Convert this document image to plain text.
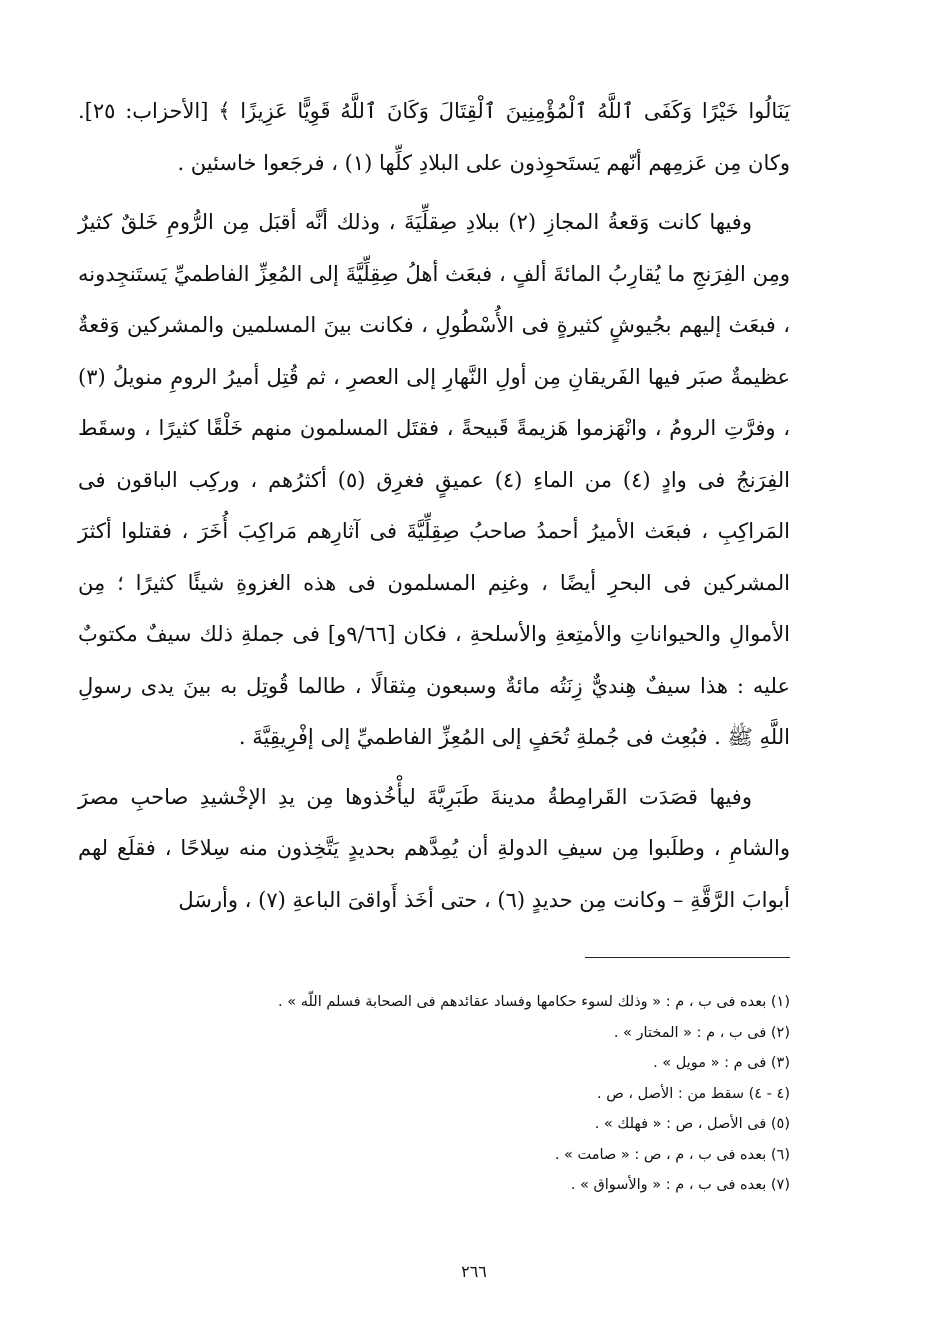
يَنَالُوا خَيْرًا وَكَفَى ٱللَّهُ ٱلْمُؤْمِنِينَ ٱلْقِتَالَ وَكَانَ ٱللَّهُ قَوِيًّا عَزِيزًا ﴾ [الأحزاب: ٢٥]. وكان مِن عَزمِهم أنّهم يَستَحوِذون على البلادِ كلِّها (١) ، فرجَعوا خاسئين .

وفيها كانت وَقعةُ المجازِ (٢) ببلادِ صِقلِّيَةَ ، وذلك أنَّه أقبَل مِن الرُّومِ خَلقٌ كثيرٌ ومِن الفِرَنجِ ما يُقارِبُ المائةَ ألفٍ ، فبعَث أهلُ صِقِلِّيَّةَ إلى المُعِزِّ الفاطميِّ يَستَنجِدونه ، فبعَث إليهم بجُيوشٍ كثيرةٍ فى الأُسْطُولِ ، فكانت بينَ المسلمين والمشركين وَقعةٌ عظيمةٌ صبَر فيها الفَريقانِ مِن أولِ النَّهارِ إلى العصرِ ، ثم قُتِل أميرُ الرومِ منويلُ (٣) ، وفرَّتِ الرومُ ، وانْهَزموا هَزيمةً قَبيحةً ، فقتَل المسلمون منهم خَلْقًا كثيرًا ، وسقَط الفِرَنجُ فى وادٍ (٤) من الماءِ (٤) عميقٍ فغرِق (٥) أكثرُهم ، وركِب الباقون فى المَراكِبِ ، فبعَث الأميرُ أحمدُ صاحبُ صِقِلِّيَّةَ فى آثارِهم مَراكِبَ أُخَرَ ، فقتلوا أكثرَ المشركين فى البحرِ أيضًا ، وغنِم المسلمون فى هذه الغزوةِ شيئًا كثيرًا ؛ مِن الأموالِ والحيواناتِ والأمتِعةِ والأسلحةِ ، فكان [٩/٦٦و] فى جملةِ ذلك سيفٌ مكتوبٌ عليه : هذا سيفٌ هِنديٌّ زِنَتُه مائةٌ وسبعون مِثقالًا ، طالما قُوتِل به بينَ يدى رسولِ اللَّهِ ﷺ . فبُعِث فى جُملةِ تُحَفٍ إلى المُعِزِّ الفاطميِّ إلى إفْرِيقِيَّةَ .

وفيها قصَدَت القَرامِطةُ مدينةَ طَبَرِيَّةَ ليأْخُذوها مِن يدِ الإخْشيدِ صاحبِ مصرَ والشامِ ، وطلَبوا مِن سيفِ الدولةِ أن يُمِدَّهم بحديدٍ يَتَّخِذون منه سِلاحًا ، فقلَع لهم أبوابَ الرَّقَّةِ – وكانت مِن حديدٍ (٦) ، حتى أخَذ أَواقىَ الباعةِ (٧) ، وأرسَل

(١) بعده فى ب ، م : « وذلك لسوء حكامها وفساد عقائدهم فى الصحابة فسلم اللّه » .
(٢) فى ب ، م : « المختار » .
(٣) فى م : « مويل » .
(٤ - ٤) سقط من : الأصل ، ص .
(٥) فى الأصل ، ص : « فهلك » .
(٦) بعده فى ب ، م ، ص : « صامت » .
(٧) بعده فى ب ، م : « والأسواق » .
٢٦٦
